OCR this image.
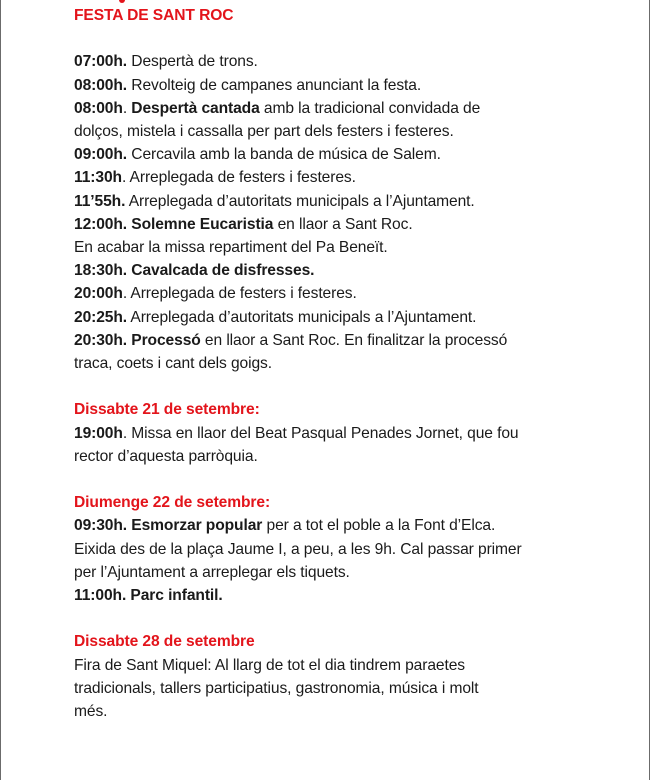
FESTA DE SANT ROC

07:00h. Despertà de trons.

08:00h. Revolteig de campanes anunciant la festa.

08:00h. Despertà cantada amb la tradicional convidada de

dolços, mistela i cassalla per part dels festers i festeres.

09:00h. Cercavila amb la banda de música de Salem.

11:30h. Arreplegada de festers i festeres.

11’55h. Arreplegada d’autoritats municipals a l’Ajuntament.

12:00h. Solemne Eucaristia en llaor a Sant Roc.

En acabar la missa repartiment del Pa Beneït.

18:30h. Cavalcada de disfresses.

20:00h. Arreplegada de festers i festeres.

20:25h. Arreplegada d’autoritats municipals a l’Ajuntament.

20:30h. Processó en llaor a Sant Roc. En finalitzar la processó

traca, coets i cant dels goigs.

Dissabte 21 de setembre:

19:00h. Missa en llaor del Beat Pasqual Penades Jornet, que fou

rector d’aquesta parròquia.

Diumenge 22 de setembre:

09:30h. Esmorzar popular per a tot el poble a la Font d’Elca.

Eixida des de la plaça Jaume I, a peu, a les 9h. Cal passar primer

per l’Ajuntament a arreplegar els tiquets.

11:00h. Parc infantil.

Dissabte 28 de setembre

Fira de Sant Miquel: Al llarg de tot el dia tindrem paraetes

tradicionals, tallers participatius, gastronomia, música i molt

més.
